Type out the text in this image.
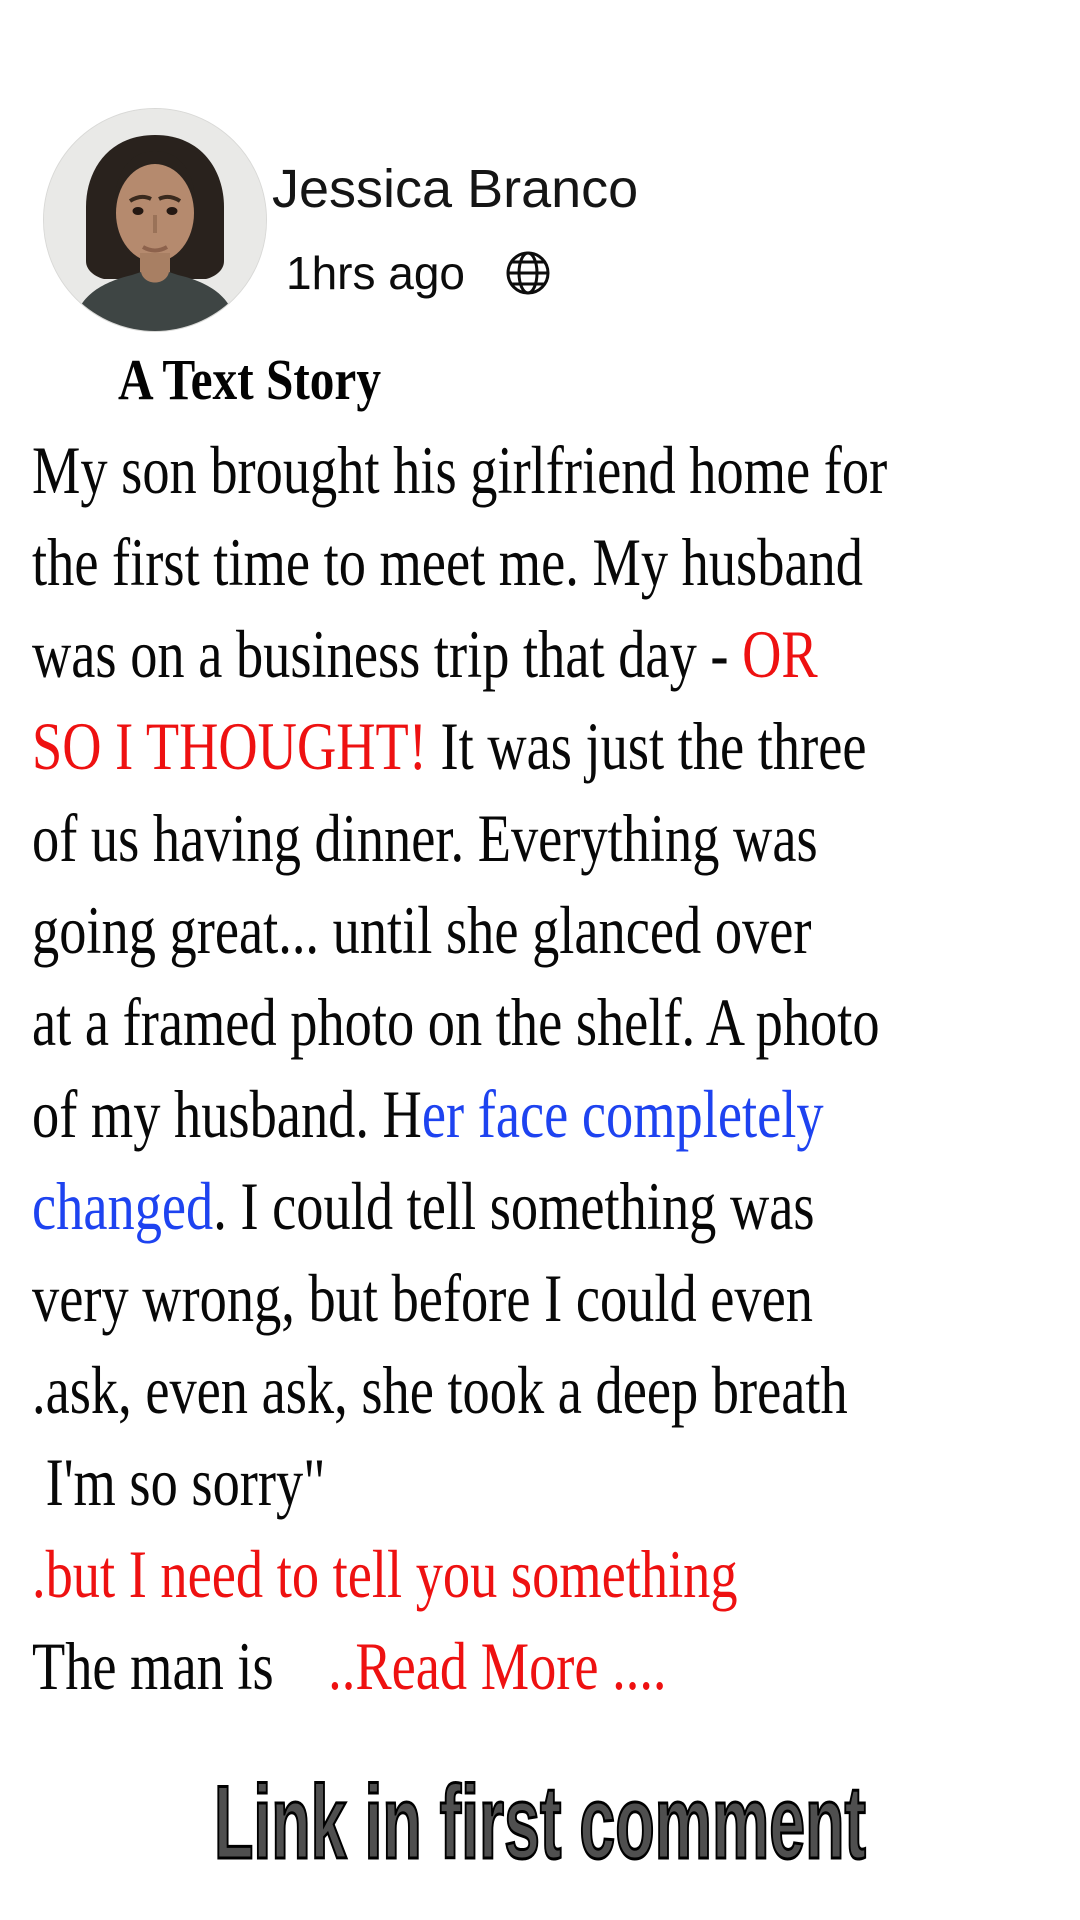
Jessica Branco
1hrs ago
A Text Story
My son brought his girlfriend home for
the first time to meet me. My husband
was on a business trip that day - OR
SO I THOUGHT! It was just the three
of us having dinner. Everything was
going great... until she glanced over
at a framed photo on the shelf. A photo
of my husband. Her face completely
changed. I could tell something was
very wrong, but before I could even
.ask, even ask, she took a deep breath
I'm so sorry"
.but I need to tell you something
The man is    ..Read More ....
Link in first comment
